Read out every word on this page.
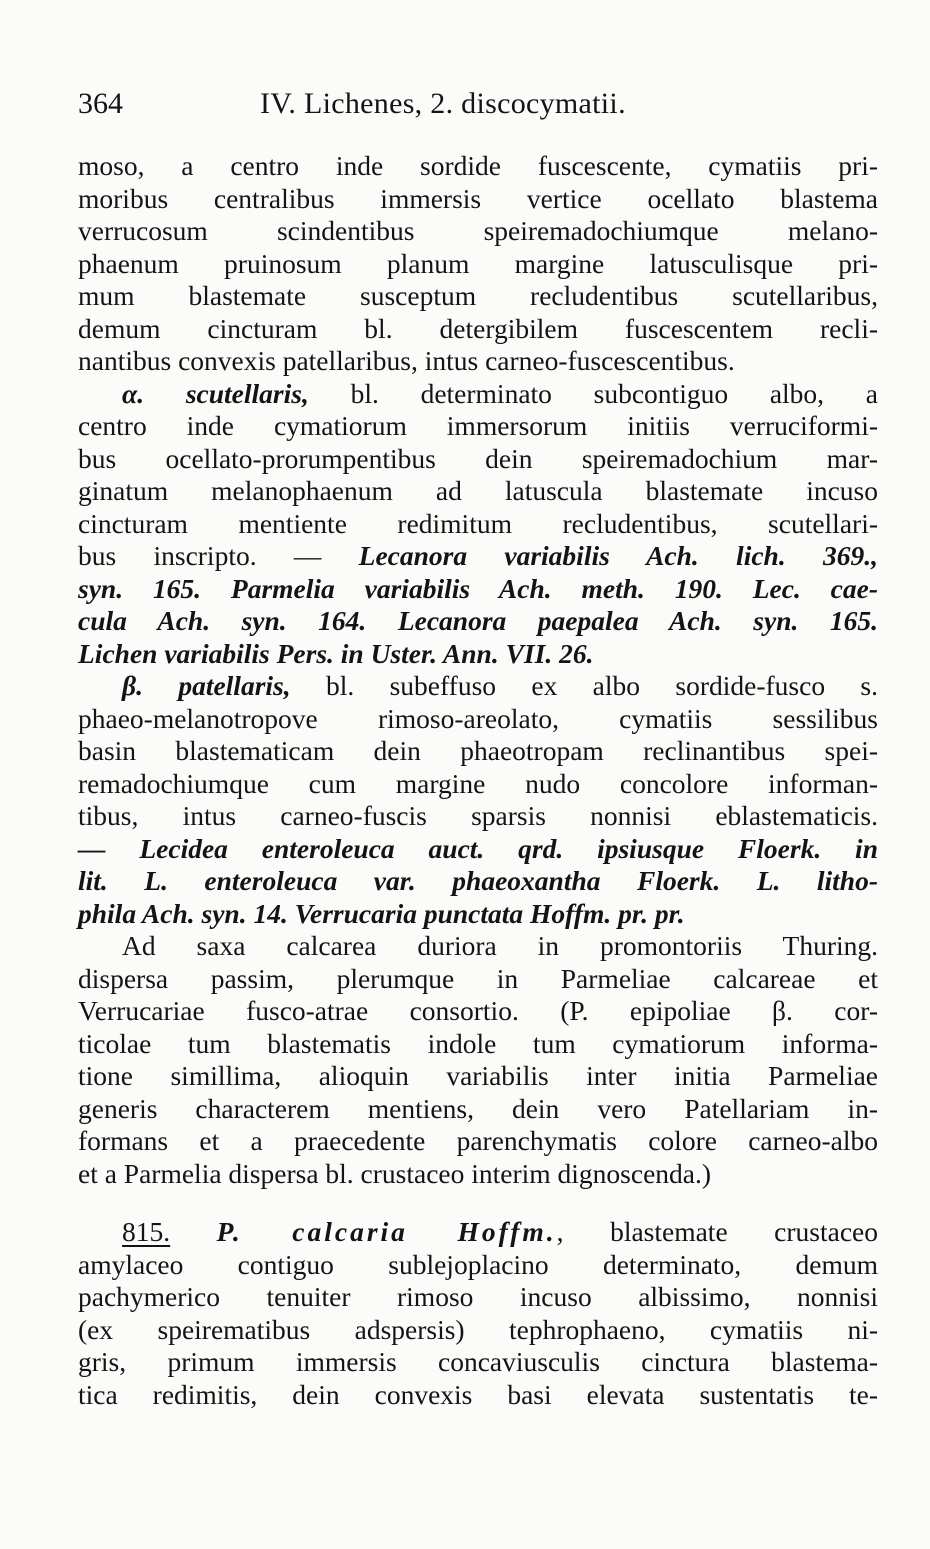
364	IV. Lichenes, 2. discocymatii.
moso, a centro inde sordide fuscescente, cymatiis pri-
moribus centralibus immersis vertice ocellato blastema
verrucosum scindentibus speiremadochiumque melano-
phaenum pruinosum planum margine latusculisque pri-
mum blastemate susceptum recludentibus scutellaribus,
demum cincturam bl. detergibilem fuscescentem recli-
nantibus convexis patellaribus, intus carneo-fuscescentibus.
α. scutellaris, bl. determinato subcontiguo albo, a
centro inde cymatiorum immersorum initiis verruciformi-
bus ocellato-prorumpentibus dein speiremadochium mar-
ginatum melanophaenum ad latuscula blastemate incuso
cincturam mentiente redimitum recludentibus, scutellari-
bus inscripto. — Lecanora variabilis Ach. lich. 369.,
syn. 165. Parmelia variabilis Ach. meth. 190. Lec. cae-
cula Ach. syn. 164. Lecanora paepalea Ach. syn. 165.
Lichen variabilis Pers. in Uster. Ann. VII. 26.
β. patellaris, bl. subeffuso ex albo sordide-fusco s.
phaeo-melanotropove rimoso-areolato, cymatiis sessilibus
basin blastematicam dein phaeotropam reclinantibus spei-
remadochiumque cum margine nudo concolore informan-
tibus, intus carneo-fuscis sparsis nonnisi eblastematicis.
— Lecidea enteroleuca auct. qrd. ipsiusque Floerk. in
lit. L. enteroleuca var. phaeoxantha Floerk. L. litho-
phila Ach. syn. 14. Verrucaria punctata Hoffm. pr. pr.
Ad saxa calcarea duriora in promontoriis Thuring.
dispersa passim, plerumque in Parmeliae calcareae et
Verrucariae fusco-atrae consortio. (P. epipoliae β. cor-
ticolae tum blastematis indole tum cymatiorum informa-
tione simillima, alioquin variabilis inter initia Parmeliae
generis characterem mentiens, dein vero Patellariam in-
formans et a praecedente parenchymatis colore carneo-albo
et a Parmelia dispersa bl. crustaceo interim dignoscenda.)
815. P. calcaria Hoffm., blastemate crustaceo
amylaceo contiguo sublejoplacino determinato, demum
pachymerico tenuiter rimoso incuso albissimo, nonnisi
(ex speirematibus adspersis) tephrophaeno, cymatiis ni-
gris, primum immersis concaviusculis cinctura blastema-
tica redimitis, dein convexis basi elevata sustentatis te-
